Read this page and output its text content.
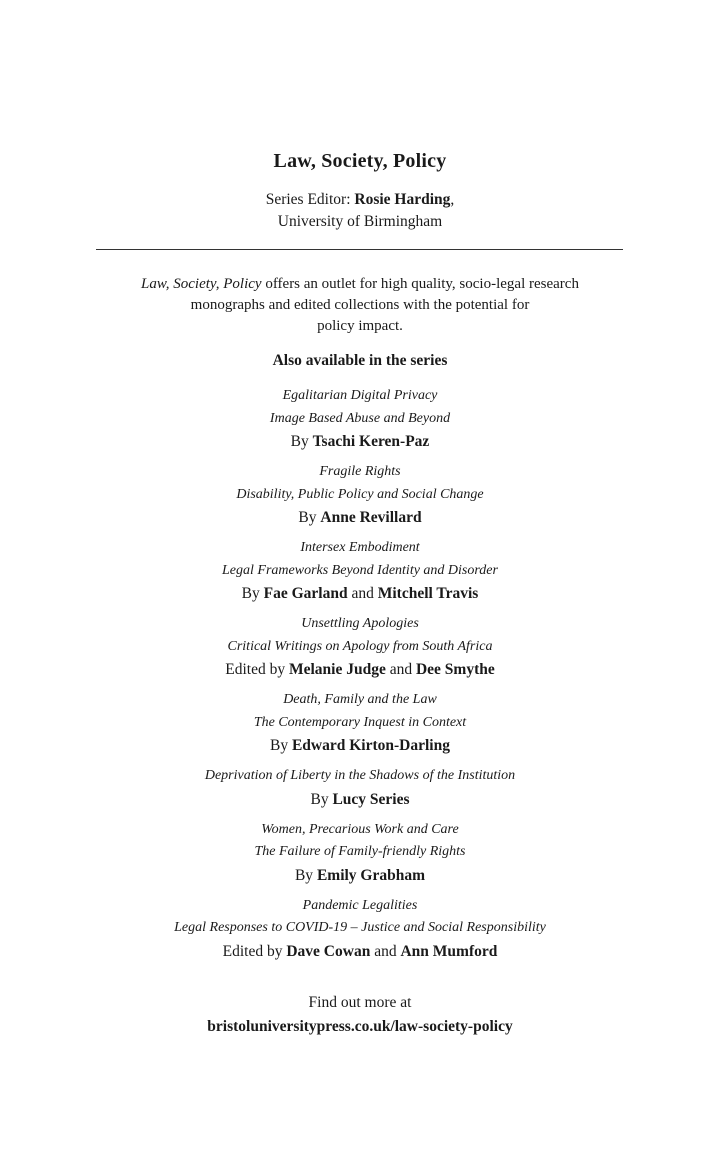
Law, Society, Policy
Series Editor: Rosie Harding,
University of Birmingham
Law, Society, Policy offers an outlet for high quality, socio-legal research
monographs and edited collections with the potential for
policy impact.
Also available in the series
Egalitarian Digital Privacy
Image Based Abuse and Beyond
By Tsachi Keren-Paz
Fragile Rights
Disability, Public Policy and Social Change
By Anne Revillard
Intersex Embodiment
Legal Frameworks Beyond Identity and Disorder
By Fae Garland and Mitchell Travis
Unsettling Apologies
Critical Writings on Apology from South Africa
Edited by Melanie Judge and Dee Smythe
Death, Family and the Law
The Contemporary Inquest in Context
By Edward Kirton-Darling
Deprivation of Liberty in the Shadows of the Institution
By Lucy Series
Women, Precarious Work and Care
The Failure of Family-friendly Rights
By Emily Grabham
Pandemic Legalities
Legal Responses to COVID-19 – Justice and Social Responsibility
Edited by Dave Cowan and Ann Mumford
Find out more at
bristoluniversitypress.co.uk/law-society-policy
